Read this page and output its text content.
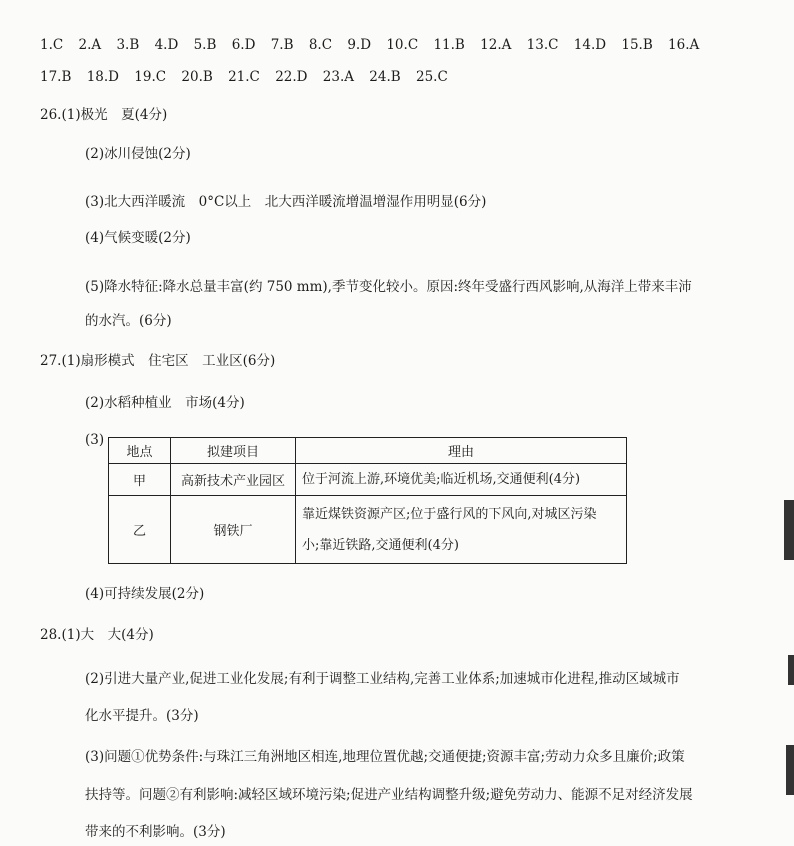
1.C 2.A 3.B 4.D 5.B 6.D 7.B 8.C 9.D 10.C 11.B 12.A 13.C 14.D 15.B 16.A
17.B 18.D 19.C 20.B 21.C 22.D 23.A 24.B 25.C
26.(1)极光　夏(4分)
(2)冰川侵蚀(2分)
(3)北大西洋暖流　0°C以上　北大西洋暖流增温增湿作用明显(6分)
(4)气候变暖(2分)
(5)降水特征:降水总量丰富(约 750 mm),季节变化较小。原因:终年受盛行西风影响,从海洋上带来丰沛
的水汽。(6分)
27.(1)扇形模式　住宅区　工业区(6分)
(2)水稻种植业　市场(4分)
(3)
地点	拟建项目	理由
甲	高新技术产业园区	位于河流上游,环境优美;临近机场,交通便利(4分)

乙	钢铁厂	靠近煤铁资源产区;位于盛行风的下风向,对城区污染
小;靠近铁路,交通便利(4分)
(4)可持续发展(2分)
28.(1)大　大(4分)
(2)引进大量产业,促进工业化发展;有利于调整工业结构,完善工业体系;加速城市化进程,推动区域城市
化水平提升。(3分)
(3)问题①优势条件:与珠江三角洲地区相连,地理位置优越;交通便捷;资源丰富;劳动力众多且廉价;政策
扶持等。问题②有利影响:减轻区域环境污染;促进产业结构调整升级;避免劳动力、能源不足对经济发展
带来的不利影响。(3分)
